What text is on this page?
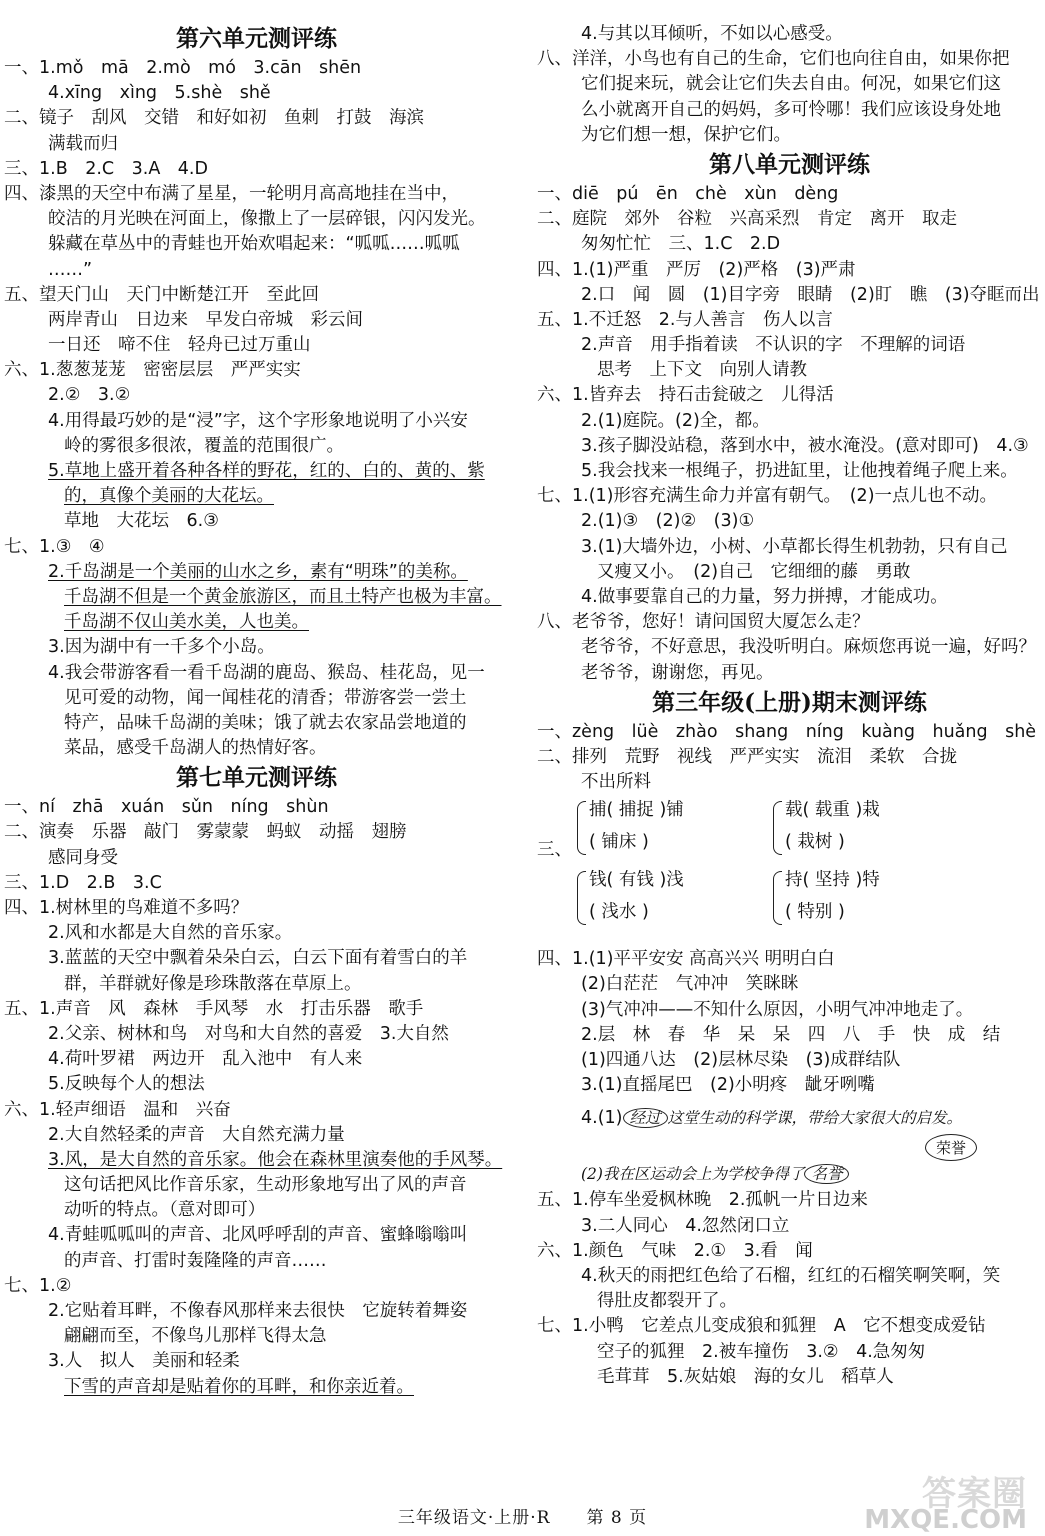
第六单元测评练
一、1.mǒ　mā　2.mò　mó　3.cān　shēn
4.xīng　xìng　5.shè　shě
二、镜子　刮风　交错　和好如初　鱼刺　打鼓　海滨
满载而归
三、1.B　2.C　3.A　4.D
四、漆黑的天空中布满了星星，一轮明月高高地挂在当中，
皎洁的月光映在河面上，像撒上了一层碎银，闪闪发光。
躲藏在草丛中的青蛙也开始欢唱起来：“呱呱……呱呱
……”
五、望天门山　天门中断楚江开　至此回
两岸青山　日边来　早发白帝城　彩云间
一日还　啼不住　轻舟已过万重山
六、1.葱葱茏茏　密密层层　严严实实
2.②　3.②
4.用得最巧妙的是“浸”字，这个字形象地说明了小兴安
岭的雾很多很浓，覆盖的范围很广。
5.草地上盛开着各种各样的野花，红的、白的、黄的、紫
的，真像个美丽的大花坛。
草地　大花坛　6.③
七、1.③　④
2.千岛湖是一个美丽的山水之乡，素有“明珠”的美称。
千岛湖不但是一个黄金旅游区，而且土特产也极为丰富。
千岛湖不仅山美水美，人也美。
3.因为湖中有一千多个小岛。
4.我会带游客看一看千岛湖的鹿岛、猴岛、桂花岛，见一
见可爱的动物，闻一闻桂花的清香；带游客尝一尝土
特产，品味千岛湖的美味；饿了就去农家品尝地道的
菜品，感受千岛湖人的热情好客。
第七单元测评练
一、ní　zhā　xuán　sǔn　níng　shùn
二、演奏　乐器　敲门　雾蒙蒙　蚂蚁　动摇　翅膀
感同身受
三、1.D　2.B　3.C
四、1.树林里的鸟难道不多吗？
2.风和水都是大自然的音乐家。
3.蓝蓝的天空中飘着朵朵白云，白云下面有着雪白的羊
群，羊群就好像是珍珠散落在草原上。
五、1.声音　风　森林　手风琴　水　打击乐器　歌手
2.父亲、树林和鸟　对鸟和大自然的喜爱　3.大自然
4.荷叶罗裙　两边开　乱入池中　有人来
5.反映每个人的想法
六、1.轻声细语　温和　兴奋
2.大自然轻柔的声音　大自然充满力量
3.风，是大自然的音乐家。他会在森林里演奏他的手风琴。
这句话把风比作音乐家，生动形象地写出了风的声音
动听的特点。（意对即可）
4.青蛙呱呱叫的声音、北风呼呼刮的声音、蜜蜂嗡嗡叫
的声音、打雷时轰隆隆的声音……
七、1.②
2.它贴着耳畔，不像春风那样来去很快　它旋转着舞姿
翩翩而至，不像鸟儿那样飞得太急
3.人　拟人　美丽和轻柔
下雪的声音却是贴着你的耳畔，和你亲近着。
4.与其以耳倾听，不如以心感受。
八、洋洋，小鸟也有自己的生命，它们也向往自由，如果你把
它们捉来玩，就会让它们失去自由。何况，如果它们这
么小就离开自己的妈妈，多可怜哪！我们应该设身处地
为它们想一想，保护它们。
第八单元测评练
一、diē　pú　ēn　chè　xùn　dèng
二、庭院　郊外　谷粒　兴高采烈　肯定　离开　取走
匆匆忙忙　三、1.C　2.D
四、1.(1)严重　严厉　(2)严格　(3)严肃
2.口　闻　圆　(1)目字旁　眼睛　(2)盯　瞧　(3)夺眶而出
五、1.不迁怒　2.与人善言　伤人以言
2.声音　用手指着读　不认识的字　不理解的词语
思考　上下文　向别人请教
六、1.皆弃去　持石击瓮破之　儿得活
2.(1)庭院。(2)全，都。
3.孩子脚没站稳，落到水中，被水淹没。(意对即可)　4.③
5.我会找来一根绳子，扔进缸里，让他拽着绳子爬上来。
七、1.(1)形容充满生命力并富有朝气。　(2)一点儿也不动。
2.(1)③　(2)②　(3)①
3.(1)大墙外边，小树、小草都长得生机勃勃，只有自己
又瘦又小。　(2)自己　它细细的藤　勇敢
4.做事要靠自己的力量，努力拼搏，才能成功。
八、老爷爷，您好！请问国贸大厦怎么走？
老爷爷，不好意思，我没听明白。麻烦您再说一遍，好吗？
老爷爷，谢谢您，再见。
第三年级(上册)期末测评练
一、zèng　lüè　zhào　shang　níng　kuàng　huǎng　shè
二、排列　荒野　视线　严严实实　流泪　柔软　合拢
不出所料
三、
捕( 捕捉 )铺
( 铺床 )
载( 载重 )栽
( 栽树 )
钱( 有钱 )浅
( 浅水 )
持( 坚持 )特
( 特别 )
四、1.(1)平平安安 高高兴兴 明明白白
(2)白茫茫　气冲冲　笑眯眯
(3)气冲冲——不知什么原因，小明气冲冲地走了。
2.层　林　春　华　呆　呆　四　八　手　快　成　结
(1)四通八达　(2)层林尽染　(3)成群结队
3.(1)直摇尾巴　(2)小明疼　龇牙咧嘴
4.(1) 经过 这堂生动的科学课，带给大家很大的启发。
荣誉
(2)我在区运动会上为学校争得了 名誉
五、1.停车坐爱枫林晚　2.孤帆一片日边来
3.二人同心　4.忽然闭口立
六、1.颜色　气味　2.①　3.看　闻
4.秋天的雨把红色给了石榴，红红的石榴笑啊笑啊，笑
得肚皮都裂开了。
七、1.小鸭　它差点儿变成狼和狐狸　A　它不想变成爱钻
空子的狐狸　2.被车撞伤　3.②　4.急匆匆
毛茸茸　5.灰姑娘　海的女儿　稻草人
三年级语文·上册·R　　第 8 页
答案圈
MXQE.COM
